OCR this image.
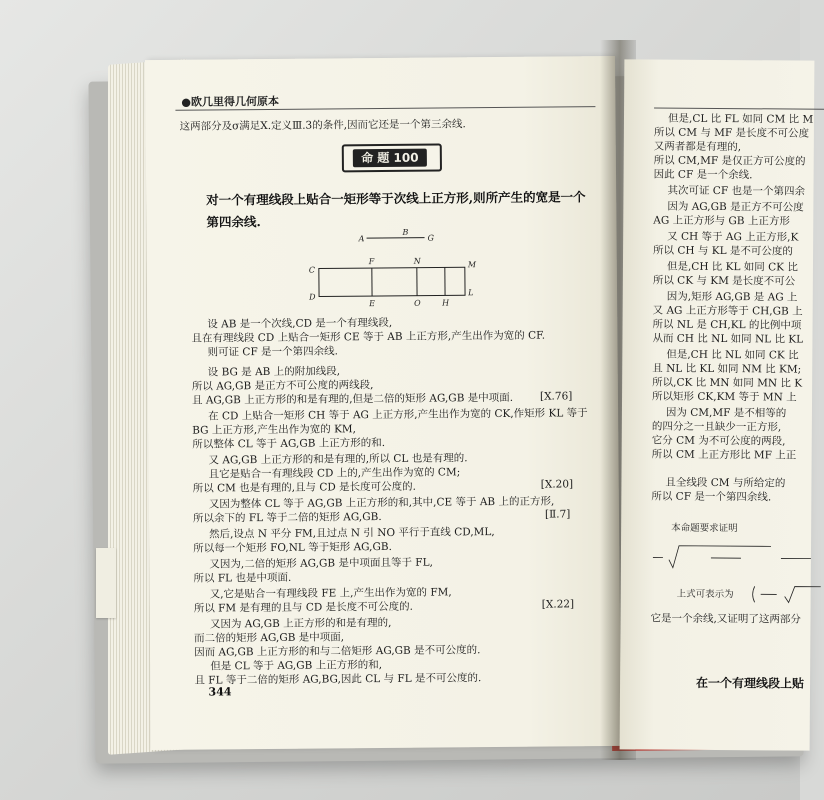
●欧几里得几何原本
这两部分及σ满足X.定义Ⅲ.3的条件,因而它还是一个第三余线.
命 题 100
对一个有理线段上贴合一矩形等于次线上正方形,则所产生的宽是一个第四余线.
A
B
G
C
F	N	M
D
E	O	H
L
设 AB 是一个次线,CD 是一个有理线段,
且在有理线段 CD 上贴合一矩形 CE 等于 AB 上正方形,产生出作为宽的 CF.
则可证 CF 是一个第四余线.
设 BG 是 AB 上的附加线段,
所以 AG,GB 是正方不可公度的两线段,
且 AG,GB 上正方形的和是有理的,但是二倍的矩形 AG,GB 是中项面.	[X.76]
在 CD 上贴合一矩形 CH 等于 AG 上正方形,产生出作为宽的 CK,作矩形 KL 等于
BG 上正方形,产生出作为宽的 KM,
所以整体 CL 等于 AG,GB 上正方形的和.
又 AG,GB 上正方形的和是有理的,所以 CL 也是有理的.
且它是贴合一有理线段 CD 上的,产生出作为宽的 CM;
所以 CM 也是有理的,且与 CD 是长度可公度的.	[X.20]
又因为整体 CL 等于 AG,GB 上正方形的和,其中,CE 等于 AB 上的正方形,
所以余下的 FL 等于二倍的矩形 AG,GB.	[Ⅱ.7]
然后,设点 N 平分 FM,且过点 N 引 NO 平行于直线 CD,ML,
所以每一个矩形 FO,NL 等于矩形 AG,GB.
又因为,二倍的矩形 AG,GB 是中项面且等于 FL,
所以 FL 也是中项面.
又,它是贴合一有理线段 FE 上,产生出作为宽的 FM,
所以 FM 是有理的且与 CD 是长度不可公度的.	[X.22]
又因为 AG,GB 上正方形的和是有理的,
而二倍的矩形 AG,GB 是中项面,
因而 AG,GB 上正方形的和与二倍矩形 AG,GB 是不可公度的.
但是 CL 等于 AG,GB 上正方形的和,
且 FL 等于二倍的矩形 AG,BG,因此 CL 与 FL 是不可公度的.
344
但是,CL 比 FL 如同 CM 比 M
所以 CM 与 MF 是长度不可公度
又两者都是有理的,
所以 CM,MF 是仅正方可公度的
因此 CF 是一个余线.
其次可证 CF 也是一个第四余
因为 AG,GB 是正方不可公度
AG 上正方形与 GB 上正方形
又 CH 等于 AG 上正方形,K
所以 CH 与 KL 是不可公度的
但是,CH 比 KL 如同 CK 比
所以 CK 与 KM 是长度不可公
因为,矩形 AG,GB 是 AG 上
又 AG 上正方形等于 CH,GB 上
所以 NL 是 CH,KL 的比例中项
从而 CH 比 NL 如同 NL 比 KL
但是,CH 比 NL 如同 CK 比
且 NL 比 KL 如同 NM 比 KM;
所以,CK 比 MN 如同 MN 比 K
所以矩形 CK,KM 等于 MN 上
因为 CM,MF 是不相等的
的四分之一且缺少一正方形,
它分 CM 为不可公度的两段,
所以 CM 上正方形比 MF 上正
且全线段 CM 与所给定的
所以 CF 是一个第四余线.
本命题要求证明
上式可表示为
它是一个余线,又证明了这两部分
在一个有理线段上贴
